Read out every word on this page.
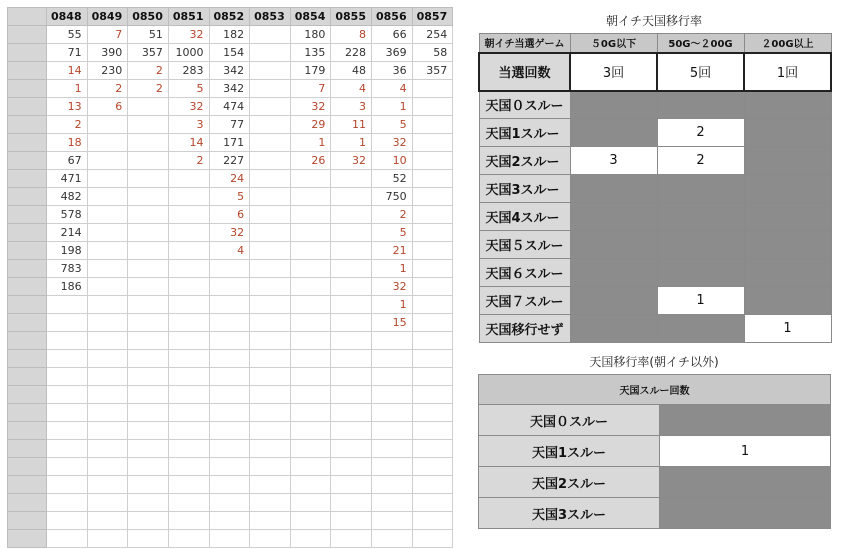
	0848	0849	0850	0851	0852	0853	0854	0855	0856	0857
	55	7	51	32	182		180	8	66	254
	71	390	357	1000	154		135	228	369	58
	14	230	2	283	342		179	48	36	357
	1	2	2	5	342		7	4	4	
	13	6		32	474		32	3	1	
	2			3	77		29	11	5	
	18			14	171		1	1	32	
	67			2	227		26	32	10	
	471				24				52	
	482				5				750	
	578				6				2	
	214				32				5	
	198				4				21	
	783								1	
	186								32	
									1	
									15	

朝イチ天国移行率
朝イチ当選ゲーム	５0G以下	50G〜２00G	２00G以上
当選回数	3回	5回	1回
天国０スルー			
天国1スルー		2	
天国2スルー	3	2	
天国3スルー			
天国4スルー			
天国５スルー			
天国６スルー			
天国７スルー		1	
天国移行せず			1
天国移行率(朝イチ以外)
天国スルー回数	
天国０スルー	
天国1スルー	1
天国2スルー	
天国3スルー	
